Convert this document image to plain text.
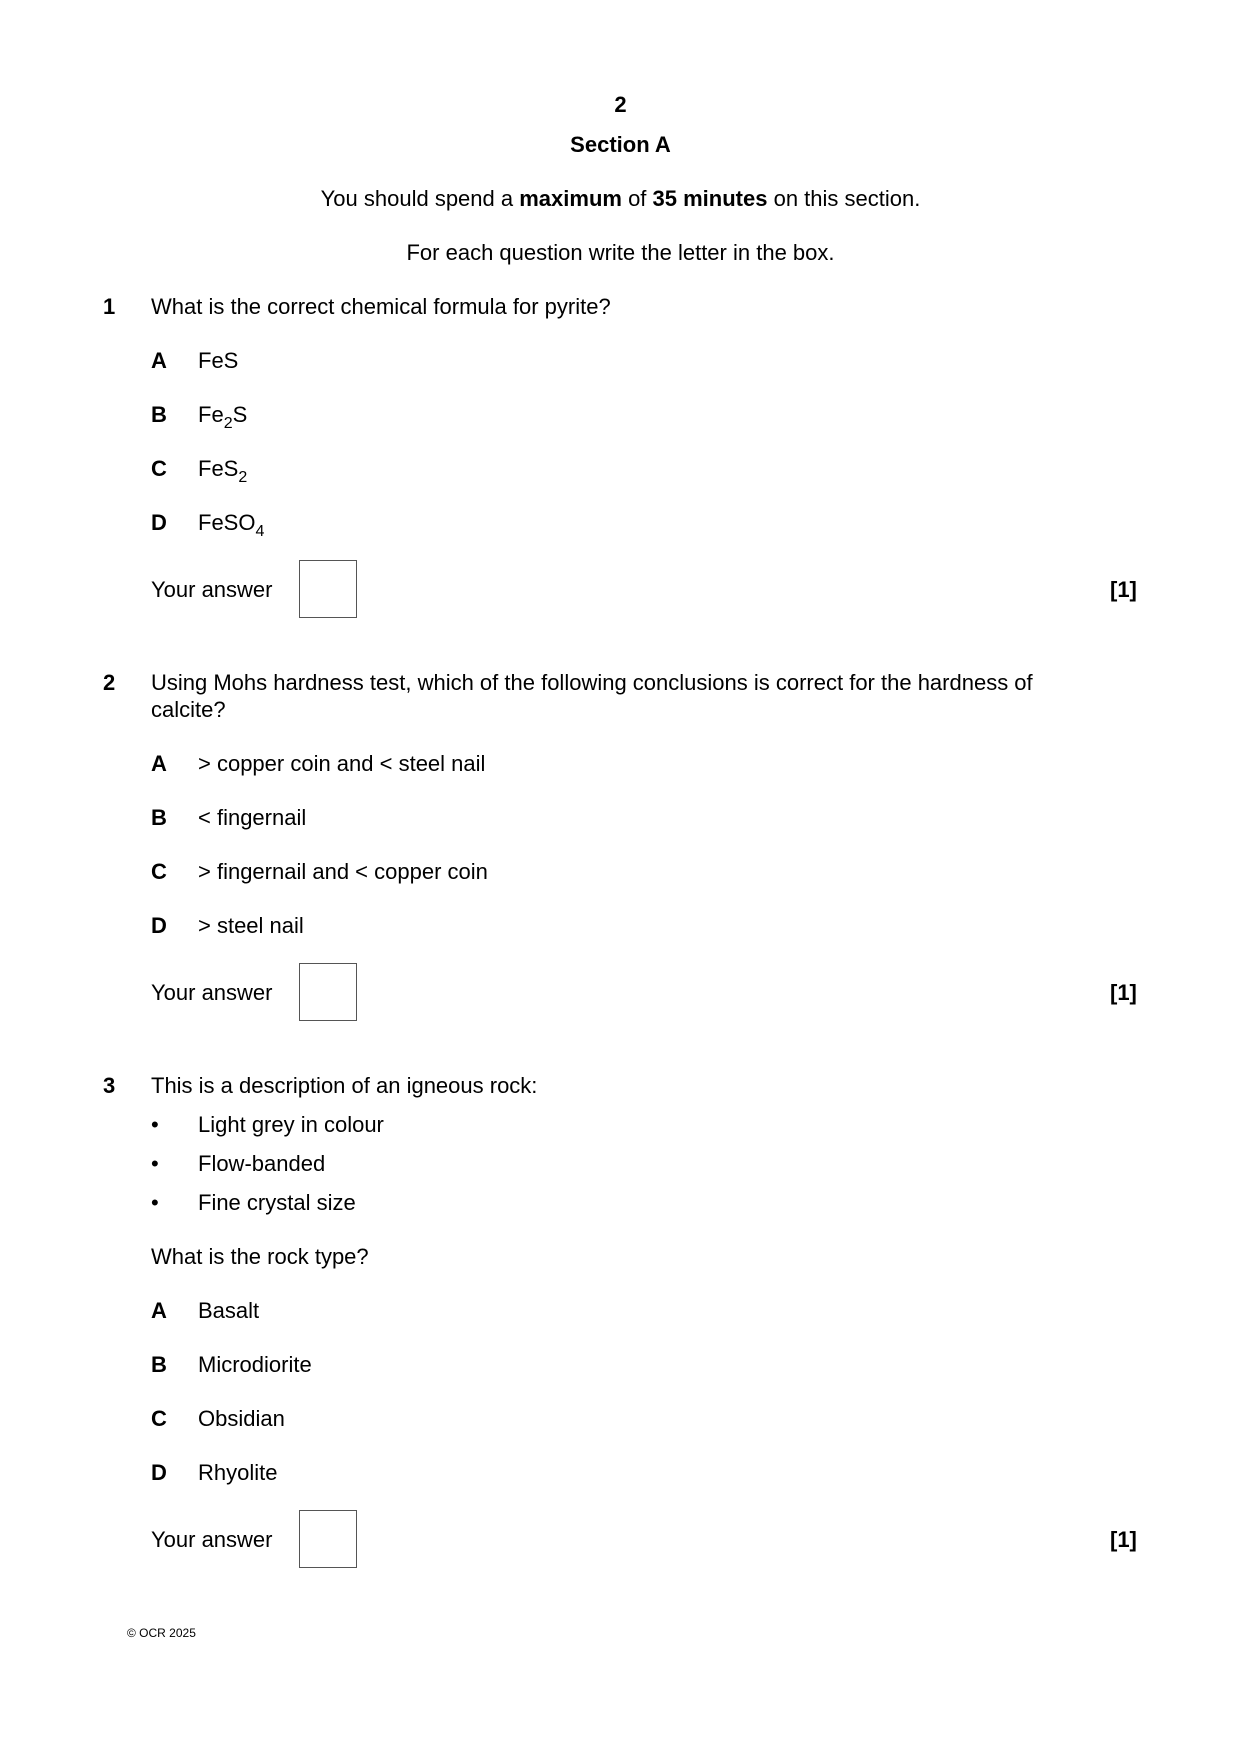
2
Section A
You should spend a maximum of 35 minutes on this section.
For each question write the letter in the box.
1 What is the correct chemical formula for pyrite?
A FeS
B $Fe_2S$
C FeS$_2$
D FeSO$_4$
Your answer	[1]
2 Using Mohs hardness test, which of the following conclusions is correct for the hardness of
calcite?
A > copper coin and < steel nail
B < fingernail
C > fingernail and < copper coin
D > steel nail
Your answer	[1]
3 This is a description of an igneous rock:
• Light grey in colour
• Flow-banded
• Fine crystal size
What is the rock type?
A Basalt
B Microdiorite
C Obsidian
D Rhyolite
Your answer	[1]
© OCR 2025
